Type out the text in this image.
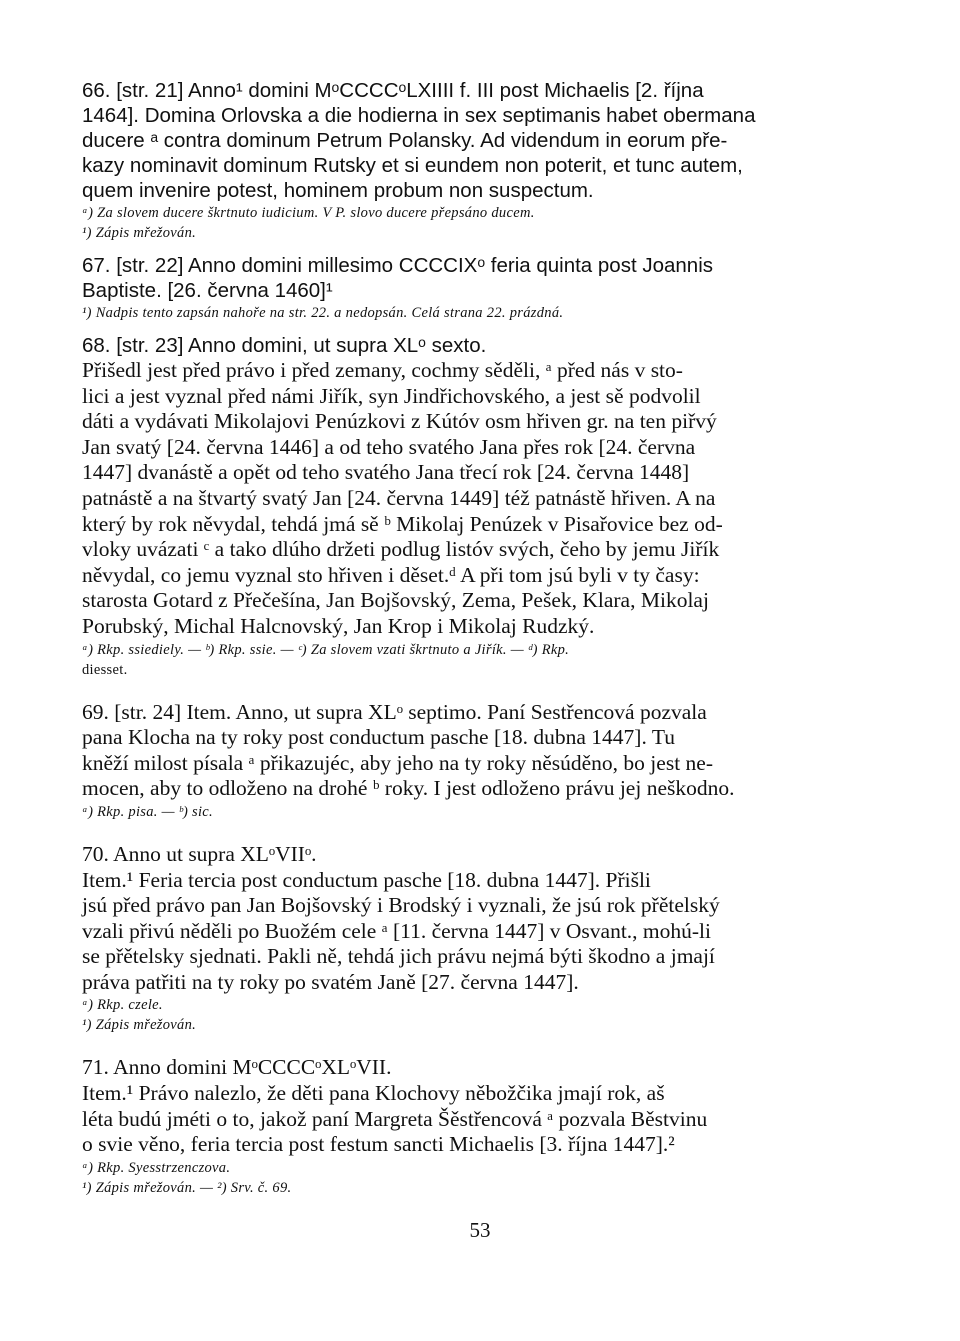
66. [str. 21] Anno¹ domini MᵒCCCCᵒLXIIII f. III post Michaelis [2. října

1464]. Domina Orlovska a die hodierna in sex septimanis habet obermana

ducere ᵃ contra dominum Petrum Polansky. Ad videndum in eorum pře-

kazy nominavit dominum Rutsky et si eundem non poterit, et tunc autem,

quem invenire potest, hominem probum non suspectum.

ᵃ) Za slovem ducere škrtnuto iudicium. V P. slovo ducere přepsáno ducem.

¹) Zápis mřežován.

67. [str. 22] Anno domini millesimo CCCCIXᵒ feria quinta post Joannis

Baptiste. [26. června 1460]¹

¹) Nadpis tento zapsán nahoře na str. 22. a nedopsán. Celá strana 22. prázdná.

68. [str. 23] Anno domini, ut supra XLᵒ sexto.

Přišedl jest před právo i před zemany, cochmy sěděli, ᵃ před nás v sto-

lici a jest vyznal před námi Jiřík, syn Jindřichovského, a jest sě podvolil

dáti a vydávati Mikolajovi Penúzkovi z Kútóv osm hřiven gr. na ten piřvý

Jan svatý [24. června 1446] a od teho svatého Jana přes rok [24. června

1447] dvanástě a opět od teho svatého Jana třecí rok [24. června 1448]

patnástě a na štvartý svatý Jan [24. června 1449] též patnástě hřiven. A na

který by rok něvydal, tehdá jmá sě ᵇ Mikolaj Penúzek v Pisařovice bez od-

vloky uvázati ᶜ a tako dlúho držeti podlug listóv svých, čeho by jemu Jiřík

něvydal, co jemu vyznal sto hřiven i děset.ᵈ A při tom jsú byli v ty časy:

starosta Gotard z Přečešína, Jan Bojšovský, Zema, Pešek, Klara, Mikolaj

Porubský, Michal Halcnovský, Jan Krop i Mikolaj Rudzký.

ᵃ) Rkp. ssiediely. — ᵇ) Rkp. ssie. — ᶜ) Za slovem vzati škrtnuto a Jiřík. — ᵈ) Rkp.

diesset.

69. [str. 24] Item. Anno, ut supra XLᵒ septimo. Paní Sestřencová pozvala

pana Klocha na ty roky post conductum pasche [18. dubna 1447]. Tu

kněží milost písala ᵃ přikazujéc, aby jeho na ty roky něsúděno, bo jest ne-

mocen, aby to odloženo na drohé ᵇ roky. I jest odloženo právu jej neškodno.

ᵃ) Rkp. pisa. — ᵇ) sic.

70. Anno ut supra XLᵒVIIᵒ.

Item.¹ Feria tercia post conductum pasche [18. dubna 1447]. Přišli

jsú před právo pan Jan Bojšovský i Brodský i vyznali, že jsú rok přětelský

vzali přivú něděli po Buožém cele ᵃ [11. června 1447] v Osvant., mohú-li

se přětelsky sjednati. Pakli ně, tehdá jich právu nejmá býti škodno a jmají

práva patřiti na ty roky po svatém Janě [27. června 1447].

ᵃ) Rkp. czele.

¹) Zápis mřežován.

71. Anno domini MᵒCCCCᵒXLᵒVII.

Item.¹ Právo nalezlo, že děti pana Klochovy něbožčika jmají rok, aš

léta budú jméti o to, jakož paní Margreta Šěstřencová ᵃ pozvala Běstvinu

o svie věno, feria tercia post festum sancti Michaelis [3. října 1447].²

ᵃ) Rkp. Syesstrzenczova.

¹) Zápis mřežován. — ²) Srv. č. 69.

53
